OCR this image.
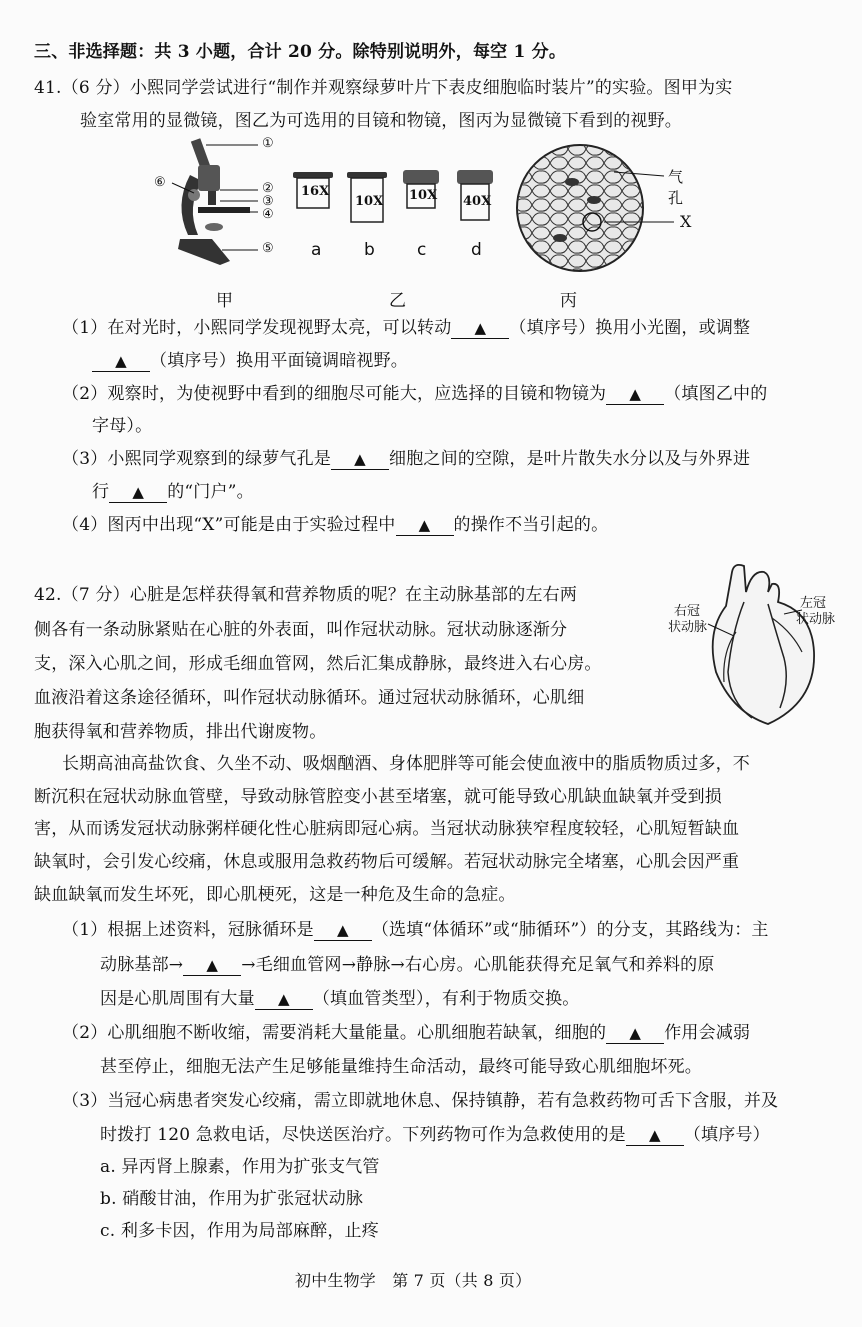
三、非选择题：共 3 小题，合计 20 分。除特别说明外，每空 1 分。
41.（6 分）小熙同学尝试进行“制作并观察绿萝叶片下表皮细胞临时装片”的实验。图甲为实
验室常用的显微镜，图乙为可选用的目镜和物镜，图丙为显微镜下看到的视野。
①
②
③
④
⑤
⑥
16X
10X 10X 40X
a	b c	d
气孔
X
甲	乙	丙
（1）在对光时，小熙同学发现视野太亮，可以转动 ▲ （填序号）换用小光圈，或调整
▲ （填序号）换用平面镜调暗视野。
（2）观察时，为使视野中看到的细胞尽可能大，应选择的目镜和物镜为 ▲ （填图乙中的
字母）。
（3）小熙同学观察到的绿萝气孔是 ▲ 细胞之间的空隙，是叶片散失水分以及与外界进
行 ▲ 的“门户”。
（4）图丙中出现“X”可能是由于实验过程中 ▲ 的操作不当引起的。
42.（7 分）心脏是怎样获得氧和营养物质的呢？在主动脉基部的左右两
侧各有一条动脉紧贴在心脏的外表面，叫作冠状动脉。冠状动脉逐渐分
支，深入心肌之间，形成毛细血管网，然后汇集成静脉，最终进入右心房。
血液沿着这条途径循环，叫作冠状动脉循环。通过冠状动脉循环，心肌细
胞获得氧和营养物质，排出代谢废物。
右冠
状动脉
左冠
状动脉
长期高油高盐饮食、久坐不动、吸烟酗酒、身体肥胖等可能会使血液中的脂质物质过多，不
断沉积在冠状动脉血管壁，导致动脉管腔变小甚至堵塞，就可能导致心肌缺血缺氧并受到损
害，从而诱发冠状动脉粥样硬化性心脏病即冠心病。当冠状动脉狭窄程度较轻，心肌短暂缺血
缺氧时，会引发心绞痛，休息或服用急救药物后可缓解。若冠状动脉完全堵塞，心肌会因严重
缺血缺氧而发生坏死，即心肌梗死，这是一种危及生命的急症。
（1）根据上述资料，冠脉循环是 ▲ （选填“体循环”或“肺循环”）的分支，其路线为：主
动脉基部→ ▲ →毛细血管网→静脉→右心房。心肌能获得充足氧气和养料的原
因是心肌周围有大量 ▲ （填血管类型），有利于物质交换。
（2）心肌细胞不断收缩，需要消耗大量能量。心肌细胞若缺氧，细胞的 ▲ 作用会减弱
甚至停止，细胞无法产生足够能量维持生命活动，最终可能导致心肌细胞坏死。
（3）当冠心病患者突发心绞痛，需立即就地休息、保持镇静，若有急救药物可舌下含服，并及
时拨打 120 急救电话，尽快送医治疗。下列药物可作为急救使用的是 ▲ （填序号）
a. 异丙肾上腺素，作用为扩张支气管
b. 硝酸甘油，作用为扩张冠状动脉
c. 利多卡因，作用为局部麻醉，止疼
初中生物学　第 7 页（共 8 页）
